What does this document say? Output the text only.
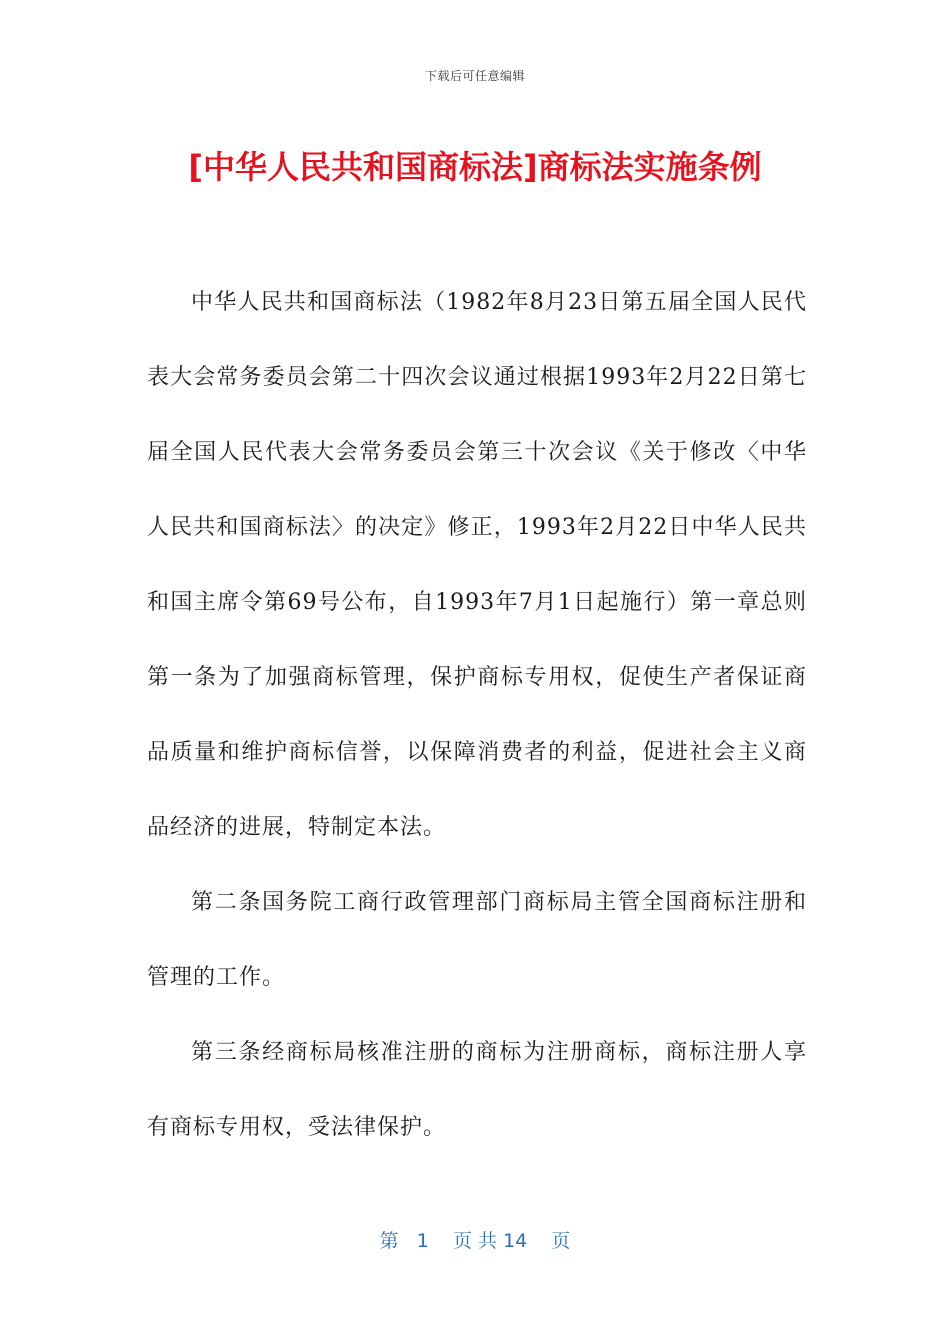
下载后可任意编辑
[中华人民共和国商标法]商标法实施条例

中华人民共和国商标法（1982年8月23日第五届全国人民代表大会常务委员会第二十四次会议通过根据1993年2月22日第七届全国人民代表大会常务委员会第三十次会议《关于修改〈中华人民共和国商标法〉的决定》修正，1993年2月22日中华人民共和国主席令第69号公布，自1993年7月1日起施行）第一章总则第一条为了加强商标管理，保护商标专用权，促使生产者保证商品质量和维护商标信誉，以保障消费者的利益，促进社会主义商品经济的进展，特制定本法。

第二条国务院工商行政管理部门商标局主管全国商标注册和管理的工作。

第三条经商标局核准注册的商标为注册商标，商标注册人享有商标专用权，受法律保护。

第 1 页 共 14 页
